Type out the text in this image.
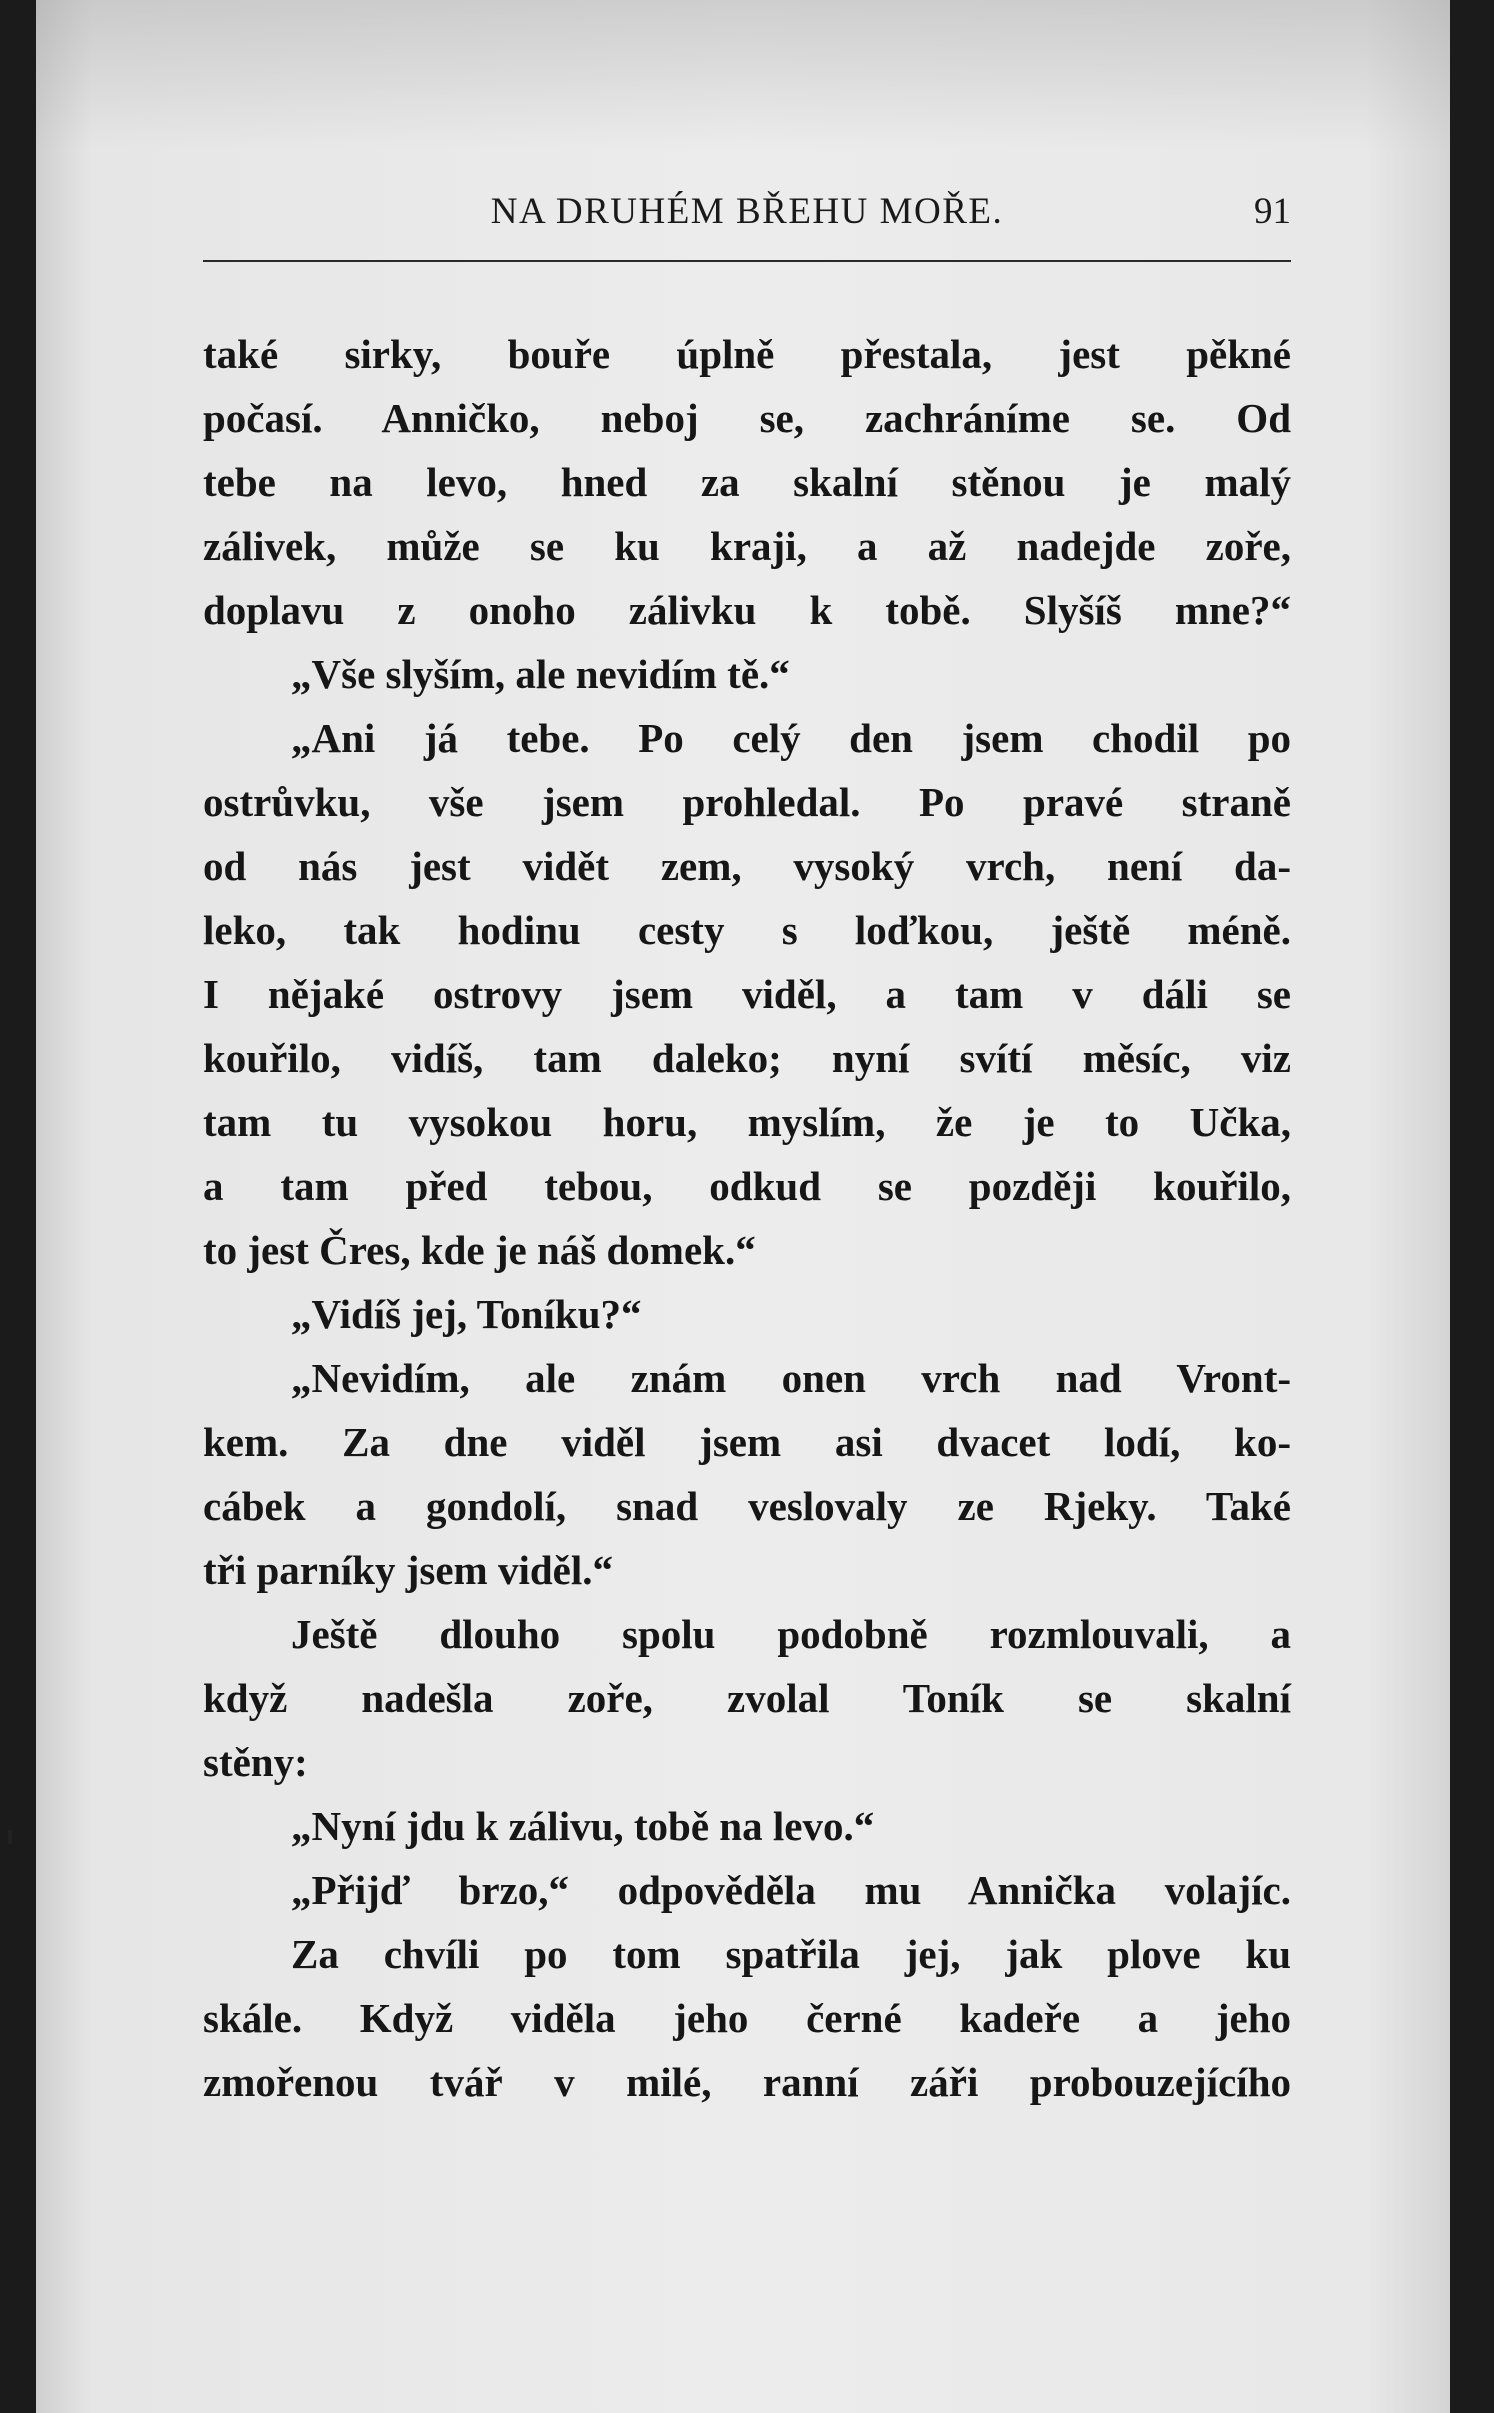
NA DRUHÉM BŘEHU MOŘE.	91
také sirky, bouře úplně přestala, jest pěkné
počasí. Anničko, neboj se, zachráníme se. Od
tebe na levo, hned za skalní stěnou je malý
zálivek, může se ku kraji, a až nadejde zoře,
doplavu z onoho zálivku k tobě. Slyšíš mne?“
„Vše slyším, ale nevidím tě.“
„Ani já tebe. Po celý den jsem chodil po
ostrůvku, vše jsem prohledal. Po pravé straně
od nás jest vidět zem, vysoký vrch, není da-
leko, tak hodinu cesty s loďkou, ještě méně.
I nějaké ostrovy jsem viděl, a tam v dáli se
kouřilo, vidíš, tam daleko; nyní svítí měsíc, viz
tam tu vysokou horu, myslím, že je to Učka,
a tam před tebou, odkud se později kouřilo,
to jest Čres, kde je náš domek.“
„Vidíš jej, Toníku?“
„Nevidím, ale znám onen vrch nad Vront-
kem. Za dne viděl jsem asi dvacet lodí, ko-
cábek a gondolí, snad veslovaly ze Rjeky. Také
tři parníky jsem viděl.“
Ještě dlouho spolu podobně rozmlouvali, a
když nadešla zoře, zvolal Toník se skalní
stěny:
„Nyní jdu k zálivu, tobě na levo.“
„Přijď brzo,“ odpověděla mu Annička volajíc.
Za chvíli po tom spatřila jej, jak plove ku
skále. Když viděla jeho černé kadeře a jeho
zmořenou tvář v milé, ranní záři probouzejícího
